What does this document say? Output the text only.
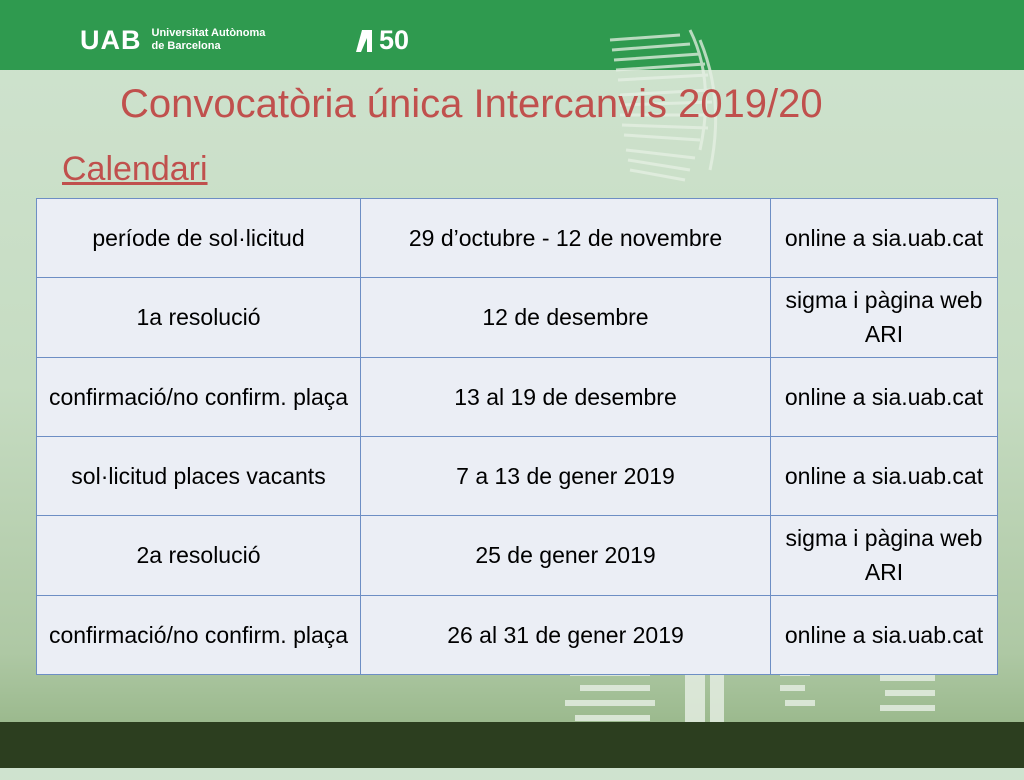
UAB Universitat Autònoma
de Barcelona	50
Convocatòria única Intercanvis 2019/20
Calendari
període de sol·licitud	29 d’octubre - 12 de novembre	online a sia.uab.cat
1a resolució	12 de desembre	sigma i pàgina web ARI
confirmació/no confirm. plaça	13 al 19 de desembre	online a sia.uab.cat
sol·licitud places vacants	7 a 13 de gener 2019	online a sia.uab.cat
2a resolució	25 de gener 2019	sigma i pàgina web ARI
confirmació/no confirm. plaça	26 al 31 de gener 2019	online a sia.uab.cat
